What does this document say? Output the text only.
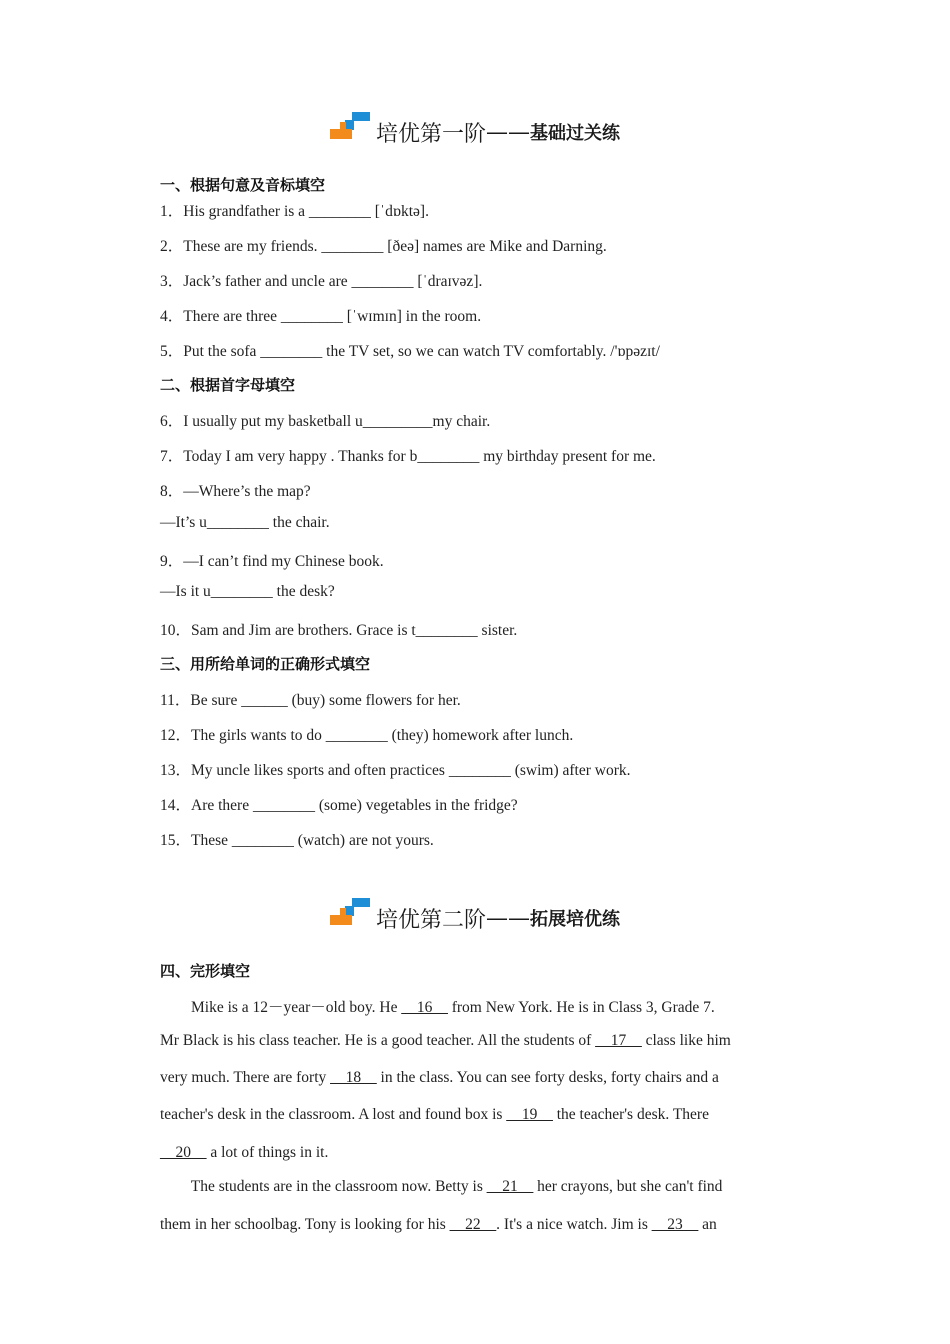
培优第一阶 —— 基础过关练
一、根据句意及音标填空
1．His grandfather is a ________ [ˈdɒktə].
2．These are my friends. ________ [ðeə] names are Mike and Darning.
3．Jack’s father and uncle are ________ [ˈdraɪvəz].
4．There are three ________ [ˈwɪmɪn] in the room.
5．Put the sofa ________ the TV set, so we can watch TV comfortably. /'ɒpəzɪt/
二、根据首字母填空
6．I usually put my basketball u_________my chair.
7．Today I am very happy . Thanks for b________ my birthday present for me.
8．—Where’s the map?
—It’s u________ the chair.
9．—I can’t find my Chinese book.
—Is it u________ the desk?
10．Sam and Jim are brothers. Grace is t________ sister.
三、用所给单词的正确形式填空
11．Be sure ______ (buy) some flowers for her.
12．The girls wants to do ________ (they) homework after lunch.
13．My uncle likes sports and often practices ________ (swim) after work.
14．Are there ________ (some) vegetables in the fridge?
15．These ________ (watch) are not yours.
培优第二阶 —— 拓展培优练
四、完形填空
Mike is a 12－year－old boy. He __16__ from New York. He is in Class 3, Grade 7.
Mr Black is his class teacher. He is a good teacher. All the students of __17__ class like him
very much. There are forty __18__ in the class. You can see forty desks, forty chairs and a
teacher's desk in the classroom. A lost and found box is __19__ the teacher's desk. There
__20__ a lot of things in it.
The students are in the classroom now. Betty is __21__ her crayons, but she can't find
them in her schoolbag. Tony is looking for his __22__. It's a nice watch. Jim is __23__ an
